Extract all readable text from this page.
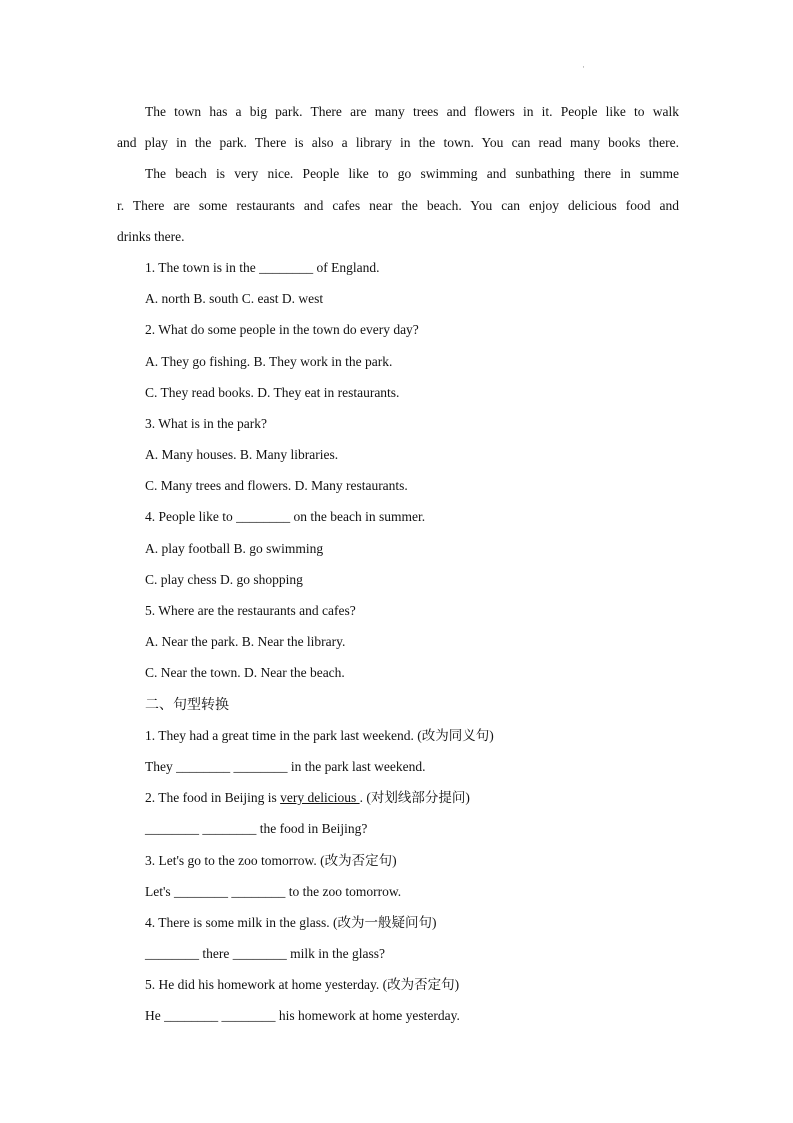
·
The town has a big park. There are many trees and flowers in it. People like to walk
and play in the park. There is also a library in the town. You can read many books there.
The beach is very nice. People like to go swimming and sunbathing there in summe
r. There are some restaurants and cafes near the beach. You can enjoy delicious food and
drinks there.
1. The town is in the ________ of England.
A. north B. south C. east D. west
2. What do some people in the town do every day?
A. They go fishing. B. They work in the park.
C. They read books. D. They eat in restaurants.
3. What is in the park?
A. Many houses. B. Many libraries.
C. Many trees and flowers. D. Many restaurants.
4. People like to ________ on the beach in summer.
A. play football B. go swimming
C. play chess D. go shopping
5. Where are the restaurants and cafes?
A. Near the park. B. Near the library.
C. Near the town. D. Near the beach.
二、句型转换
1. They had a great time in the park last weekend. (改为同义句)
They ________ ________ in the park last weekend.
2. The food in Beijing is very delicious . (对划线部分提问)
________ ________ the food in Beijing?
3. Let's go to the zoo tomorrow. (改为否定句)
Let's ________ ________ to the zoo tomorrow.
4. There is some milk in the glass. (改为一般疑问句)
________ there ________ milk in the glass?
5. He did his homework at home yesterday. (改为否定句)
He ________ ________ his homework at home yesterday.
